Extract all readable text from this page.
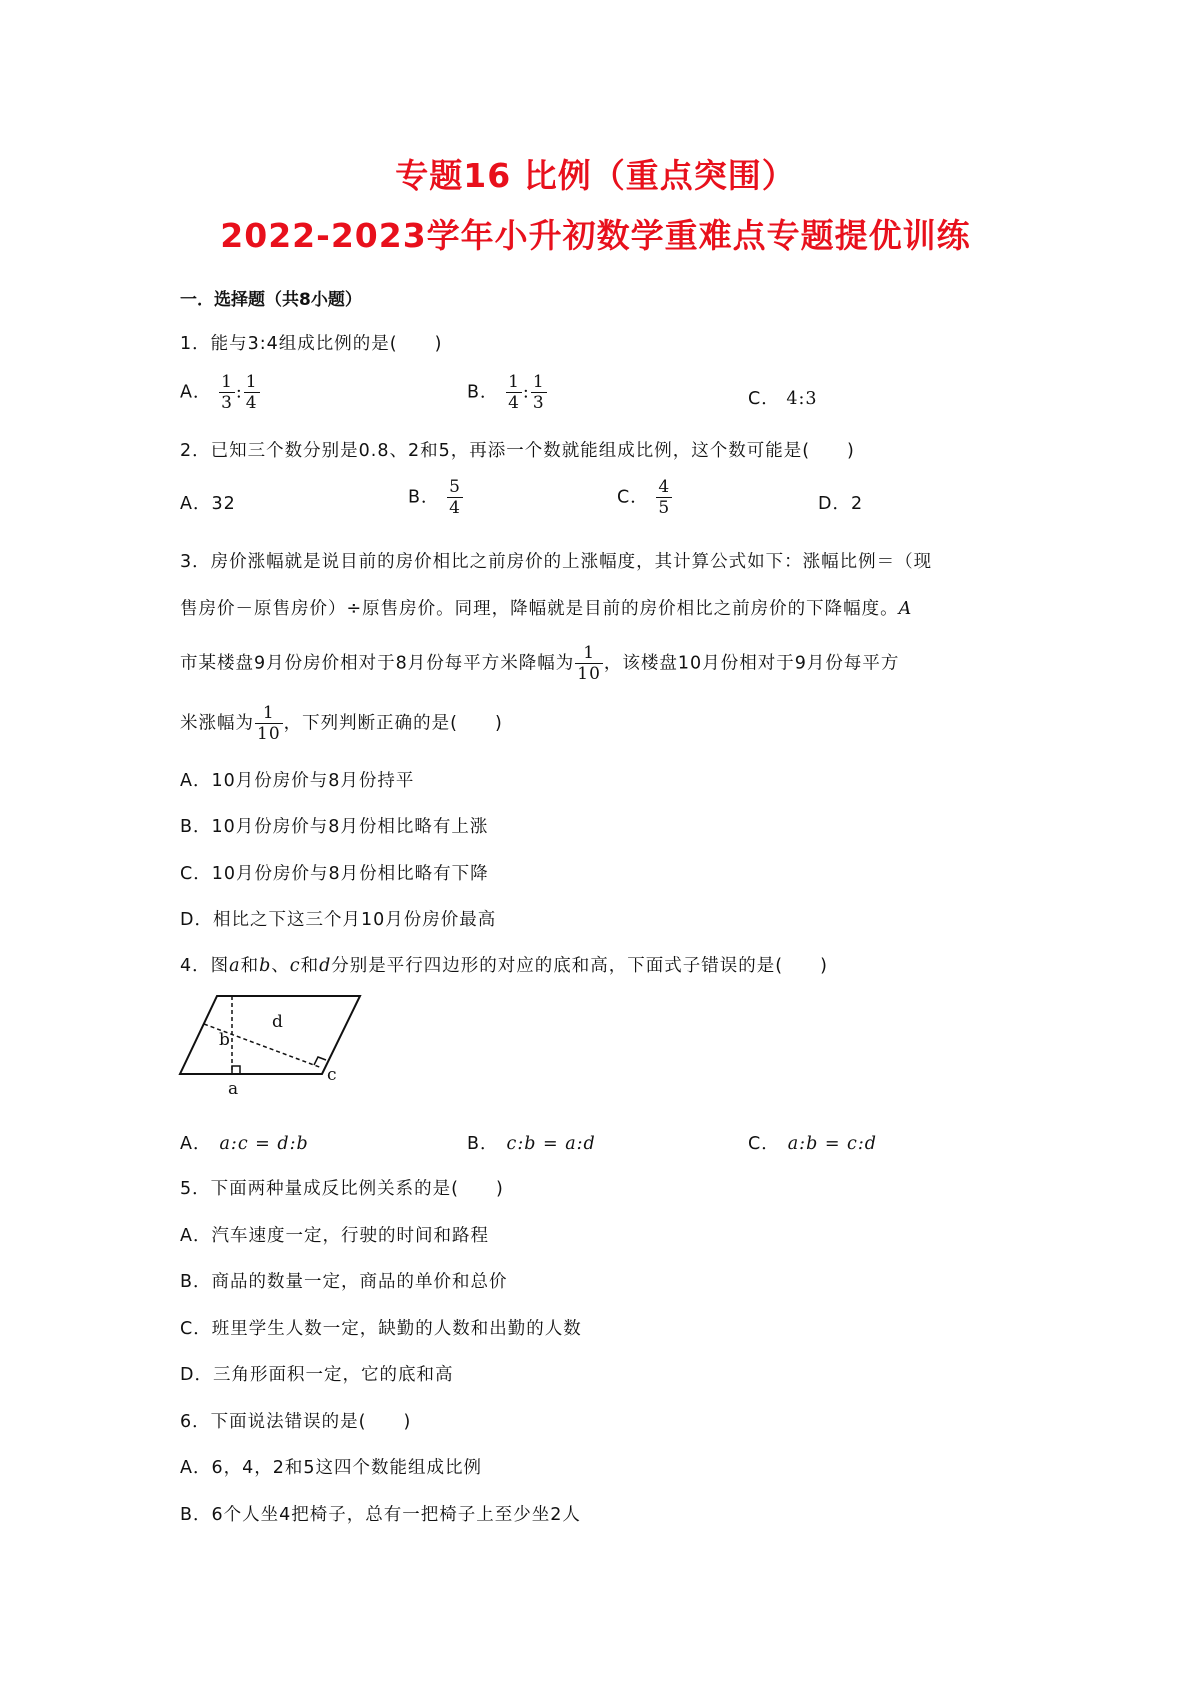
专题16 比例（重点突围）
2022-2023学年小升初数学重难点专题提优训练
一．选择题（共8小题）
1．能与3:4组成比例的是(　　)
A． $\frac{1}{3}$ : $\frac{1}{4}$	B． $\frac{1}{4}$ : $\frac{1}{3}$	C． 4:3
2．已知三个数分别是0.8、2和5，再添一个数就能组成比例，这个数可能是(　　)
A．32	B． $\frac{5}{4}$	C． $\frac{4}{5}$	D．2
3．房价涨幅就是说目前的房价相比之前房价的上涨幅度，其计算公式如下：涨幅比例＝（现
售房价－原售房价）÷原售房价。同理，降幅就是目前的房价相比之前房价的下降幅度。A
市某楼盘9月份房价相对于8月份每平方米降幅为 $\frac{1}{10}$ ，该楼盘10月份相对于9月份每平方
米涨幅为 $\frac{1}{10}$ ，下列判断正确的是(　　)
A．10月份房价与8月份持平
B．10月份房价与8月份相比略有上涨
C．10月份房价与8月份相比略有下降
D．相比之下这三个月10月份房价最高
4．图a和b、c和d分别是平行四边形的对应的底和高，下面式子错误的是(　　)
b
d
c
a
A． a:c = d:b	B． c:b = a:d	C． a:b = c:d
5．下面两种量成反比例关系的是(　　)
A．汽车速度一定，行驶的时间和路程
B．商品的数量一定，商品的单价和总价
C．班里学生人数一定，缺勤的人数和出勤的人数
D．三角形面积一定，它的底和高
6．下面说法错误的是(　　)
A．6，4，2和5这四个数能组成比例
B．6个人坐4把椅子，总有一把椅子上至少坐2人
